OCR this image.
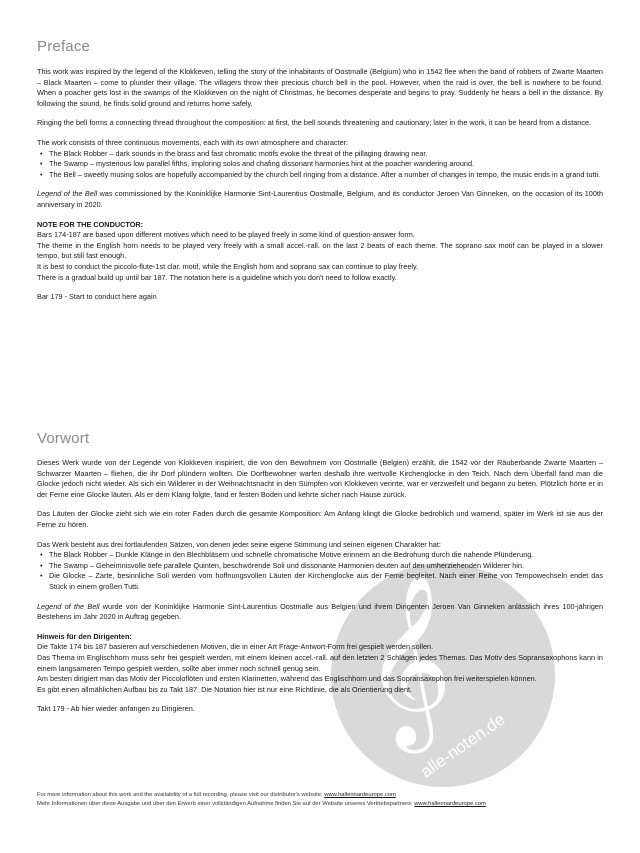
Preface

This work was inspired by the legend of the Klokkeven, telling the story of the inhabitants of Oostmalle (Belgium) who in 1542 flee when the band of robbers of Zwarte Maarten – Black Maarten – come to plunder their village. The villagers throw their precious church bell in the pool. However, when the raid is over, the bell is nowhere to be found. When a poacher gets lost in the swamps of the Klokkeven on the night of Christmas, he becomes desperate and begins to pray. Suddenly he hears a bell in the distance. By following the sound, he finds solid ground and returns home safely.

Ringing the bell forms a connecting thread throughout the composition: at first, the bell sounds threatening and cautionary; later in the work, it can be heard from a distance.

The work consists of three continuous movements, each with its own atmosphere and character:

• The Black Robber – dark sounds in the brass and fast chromatic motifs evoke the threat of the pillaging drawing near.
• The Swamp – mysterious low parallel fifths, imploring solos and chafing dissonant harmonies hint at the poacher wandering around.
• The Bell – sweetly musing solos are hopefully accompanied by the church bell ringing from a distance. After a number of changes in tempo, the music ends in a grand tutti.

Legend of the Bell was commissioned by the Koninklijke Harmonie Sint-Laurentius Oostmalle, Belgium, and its conductor Jeroen Van Ginneken, on the occasion of its 100th anniversary in 2020.

NOTE FOR THE CONDUCTOR:

Bars 174-187 are based upon different motives which need to be played freely in some kind of question-answer form.

The theme in the English horn needs to be played very freely with a small accel.-rall. on the last 2 beats of each theme. The soprano sax motif can be played in a slower tempo, but still fast enough.

It is best to conduct the piccolo-flute-1st clar. motif, while the English horn and soprano sax can continue to play freely.

There is a gradual build up until bar 187. The notation here is a guideline which you don't need to follow exactly.

Bar 179 - Start to conduct here again

Vorwort
𝄞
alle-noten.de

Dieses Werk wurde von der Legende von Klokkeven inspiriert, die von den Bewohnem von Oostmalle (Belgien) erzählt, die 1542 vor der Räuberbande Zwarte Maarten – Schwarzer Maarten – fliehen, die ihr Dorf plündern wollten. Die Dorfbewohner warfen deshalb ihre wertvolle Kirchenglocke in den Teich. Nach dem Überfall fand man die Glocke jedoch nicht wieder. Als sich ein Wilderer in der Weihnachtsnacht in den Sümpfen von Klokkeven verirrte, war er verzweifelt und begann zu beten. Plötzlich hörte er in der Ferne eine Glocke läuten. Als er dem Klang folgte, fand er festen Boden und kehrte sicher nach Hause zurück.

Das Läuten der Glocke zieht sich wie ein roter Faden durch die gesamte Komposition: Am Anfang klingt die Glocke bedrohlich und warnend, später im Werk ist sie aus der Ferne zu hören.

Das Werk besteht aus drei fortlaufenden Sätzen, von denen jeder seine eigene Stimmung und seinen eigenen Charakter hat:

• The Black Robber – Dunkle Klänge in den Blechbläsern und schnelle chromatische Motive erinnern an die Bedrohung durch die nahende Plünderung.
• The Swamp – Geheimnisvolle tiefe parallele Quinten, beschwörende Soli und dissonante Harmonien deuten auf den umherziehenden Wilderer hin.
• Die Glocke – Zarte, besinnliche Soli werden vom hoffnungsvollen Läuten der Kirchenglocke aus der Ferne begleitet. Nach einer Reihe von Tempowechseln endet das Stück in einem großen Tutti.

Legend of the Bell wurde von der Koninklijke Harmonie Sint-Laurentius Oostmalle aus Belgien und ihrem Dirigenten Jeroen Van Ginneken anlässlich ihres 100-jährigen Bestehens im Jahr 2020 in Auftrag gegeben.

Hinweis für den Dirigenten:

Die Takte 174 bis 187 basieren auf verschiedenen Motiven, die in einer Art Frage-Antwort-Form frei gespielt werden sollen.

Das Thema im Englischhorn muss sehr frei gespielt werden, mit einem kleinen accel.-rall. auf den letzten 2 Schlägen jedes Themas. Das Motiv des Sopransaxophons kann in einem langsameren Tempo gespielt werden, sollte aber immer noch schnell genug sein.

Am besten dirigiert man das Motiv der Piccoloflöten und ersten Klarinetten, während das Englischhorn und das Sopransaxophon frei weiterspielen können.

Es gibt einen allmählichen Aufbau bis zu Takt 187. Die Notation hier ist nur eine Richtlinie, die als Orientierung dient.

Takt 179 - Ab hier wieder anfangen zu Dirigieren.

For more information about this work and the availability of a full recording, please visit our distributor's website: www.halleonardeurope.com
Mehr Informationen über diese Ausgabe und über den Erwerb einer vollständigen Aufnahme finden Sie auf der Website unseres Vertriebspartners: www.halleonardeurope.com
